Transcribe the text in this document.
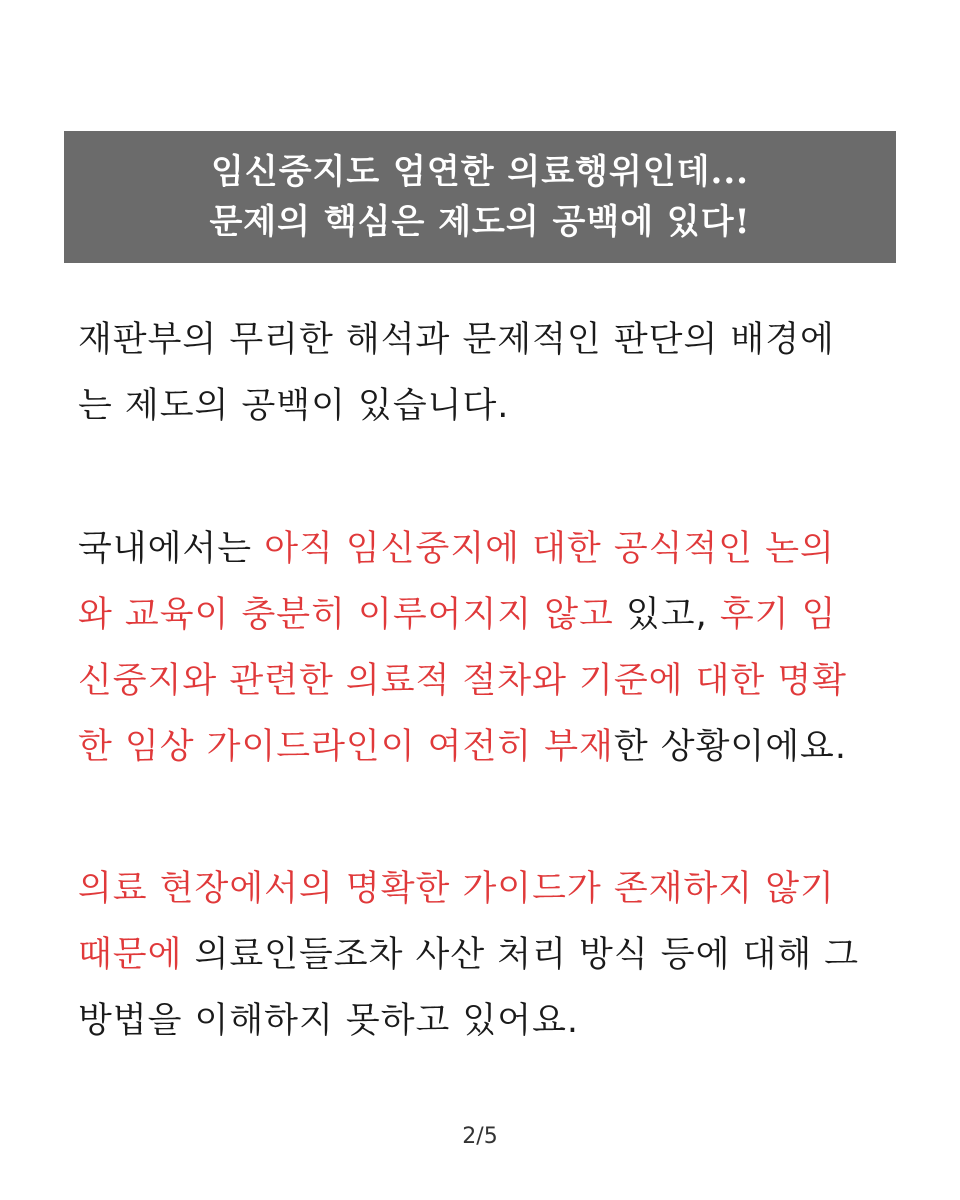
임신중지도 엄연한 의료행위인데...
문제의 핵심은 제도의 공백에 있다!
재판부의 무리한 해석과 문제적인 판단의 배경에
는 제도의 공백이 있습니다.
국내에서는 아직 임신중지에 대한 공식적인 논의
와 교육이 충분히 이루어지지 않고 있고, 후기 임
신중지와 관련한 의료적 절차와 기준에 대한 명확
한 임상 가이드라인이 여전히 부재한 상황이에요.
의료 현장에서의 명확한 가이드가 존재하지 않기
때문에 의료인들조차 사산 처리 방식 등에 대해 그
방법을 이해하지 못하고 있어요.
2/5
